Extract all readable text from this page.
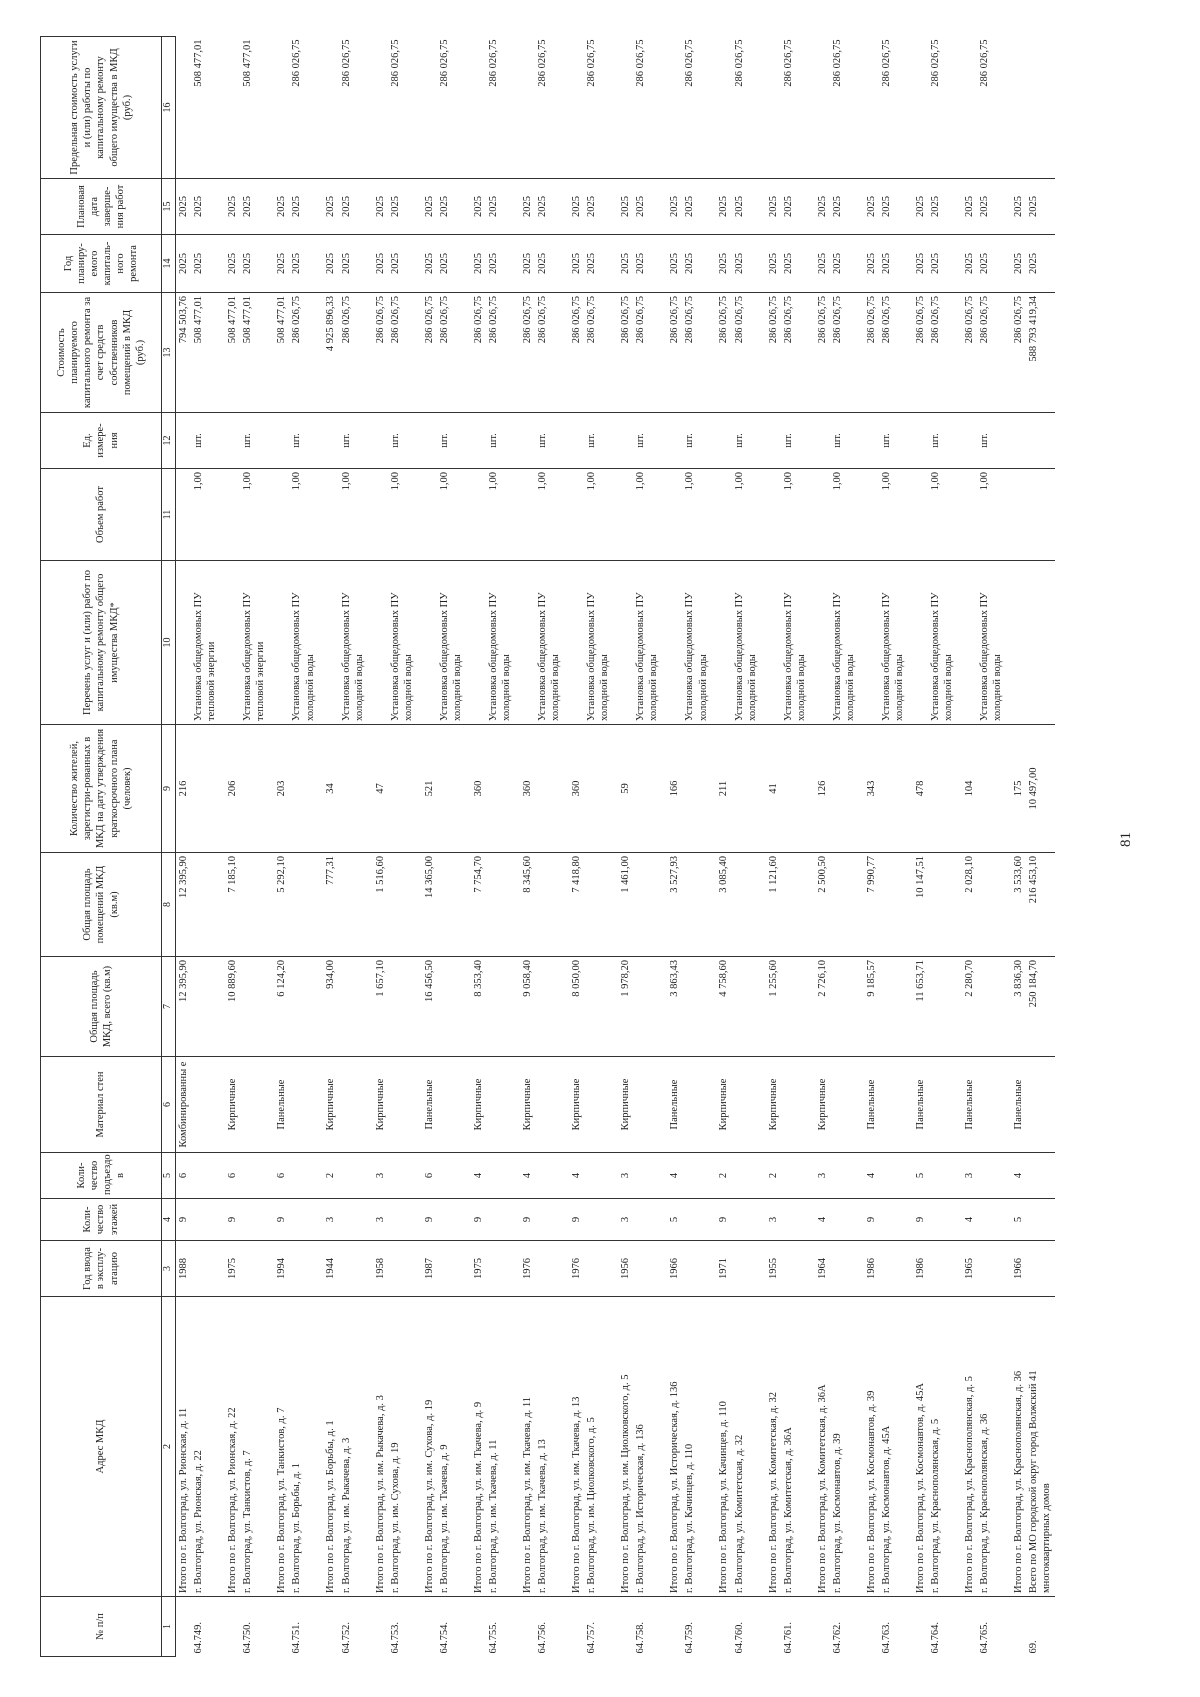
№ п/п	Адрес МКД	Год ввода в эксплу-атацию	Коли-чество этажей	Коли-чество подъездо в	Материал стен	Общая площадь МКД, всего (кв.м)	Общая площадь помещений МКД (кв.м)	Количество жителей, зарегистри-рованных в МКД на дату утверждения краткосрочного плана (человек)	Перечень услуг и (или) работ по капитальному ремонту общего имущества МКД*	Объем работ	Ед. измере-ния	Стоимость планируемого капитального ремонта за счет средств собственников помещений в МКД (руб.)	Год планиру-емого капиталь-ного ремонта	Плановая дата заверше-ния работ	Предельная стоимость услуги и (или) работы по капитальному ремонту общего имущества в МКД (руб.)
1	2	3	4	5	6	7	8	9	10	11	12	13	14	15	16
	Итого по г. Волгоград, ул. Рионская, д. 11	1988	9	6	Комбинированны е	12 395,90	12 395,90	216				794 503,76	2025	2025	
64.749.	г. Волгоград, ул. Рионская, д. 22								Установка общедомовых ПУ тепловой энергии	1,00	шт.	508 477,01	2025	2025	508 477,01
	Итого по г. Волгоград, ул. Рионская, д. 22	1975	9	6	Кирпичные	10 889,60	7 185,10	206				508 477,01	2025	2025	
64.750.	г. Волгоград, ул. Танкистов, д. 7								Установка общедомовых ПУ тепловой энергии	1,00	шт.	508 477,01	2025	2025	508 477,01
	Итого по г. Волгоград, ул. Танкистов, д. 7	1994	9	6	Панельные	6 124,20	5 292,10	203				508 477,01	2025	2025	
64.751.	г. Волгоград, ул. Борьбы, д. 1								Установка общедомовых ПУ холодной воды	1,00	шт.	286 026,75	2025	2025	286 026,75
	Итого по г. Волгоград, ул. Борьбы, д. 1	1944	3	2	Кирпичные	934,00	777,31	34				4 925 896,33	2025	2025	
64.752.	г. Волгоград, ул. им. Рыкачева, д. 3								Установка общедомовых ПУ холодной воды	1,00	шт.	286 026,75	2025	2025	286 026,75
	Итого по г. Волгоград, ул. им. Рыкачева, д. 3	1958	3	3	Кирпичные	1 657,10	1 516,60	47				286 026,75	2025	2025	
64.753.	г. Волгоград, ул. им. Сухова, д. 19								Установка общедомовых ПУ холодной воды	1,00	шт.	286 026,75	2025	2025	286 026,75
	Итого по г. Волгоград, ул. им. Сухова, д. 19	1987	9	6	Панельные	16 456,50	14 365,00	521				286 026,75	2025	2025	
64.754.	г. Волгоград, ул. им. Ткачева, д. 9								Установка общедомовых ПУ холодной воды	1,00	шт.	286 026,75	2025	2025	286 026,75
	Итого по г. Волгоград, ул. им. Ткачева, д. 9	1975	9	4	Кирпичные	8 353,40	7 754,70	360				286 026,75	2025	2025	
64.755.	г. Волгоград, ул. им. Ткачева, д. 11								Установка общедомовых ПУ холодной воды	1,00	шт.	286 026,75	2025	2025	286 026,75
	Итого по г. Волгоград, ул. им. Ткачева, д. 11	1976	9	4	Кирпичные	9 058,40	8 345,60	360				286 026,75	2025	2025	
64.756.	г. Волгоград, ул. им. Ткачева, д. 13								Установка общедомовых ПУ холодной воды	1,00	шт.	286 026,75	2025	2025	286 026,75
	Итого по г. Волгоград, ул. им. Ткачева, д. 13	1976	9	4	Кирпичные	8 050,00	7 418,80	360				286 026,75	2025	2025	
64.757.	г. Волгоград, ул. им. Циолковского, д. 5								Установка общедомовых ПУ холодной воды	1,00	шт.	286 026,75	2025	2025	286 026,75
	Итого по г. Волгоград, ул. им. Циолковского, д. 5	1956	3	3	Кирпичные	1 978,20	1 461,00	59				286 026,75	2025	2025	
64.758.	г. Волгоград, ул. Историческая, д. 136								Установка общедомовых ПУ холодной воды	1,00	шт.	286 026,75	2025	2025	286 026,75
	Итого по г. Волгоград, ул. Историческая, д. 136	1966	5	4	Панельные	3 863,43	3 527,93	166				286 026,75	2025	2025	
64.759.	г. Волгоград, ул. Качинцев, д. 110								Установка общедомовых ПУ холодной воды	1,00	шт.	286 026,75	2025	2025	286 026,75
	Итого по г. Волгоград, ул. Качинцев, д. 110	1971	9	2	Кирпичные	4 758,60	3 085,40	211				286 026,75	2025	2025	
64.760.	г. Волгоград, ул. Комитетская, д. 32								Установка общедомовых ПУ холодной воды	1,00	шт.	286 026,75	2025	2025	286 026,75
	Итого по г. Волгоград, ул. Комитетская, д. 32	1955	3	2	Кирпичные	1 255,60	1 121,60	41				286 026,75	2025	2025	
64.761.	г. Волгоград, ул. Комитетская, д. 36А								Установка общедомовых ПУ холодной воды	1,00	шт.	286 026,75	2025	2025	286 026,75
	Итого по г. Волгоград, ул. Комитетская, д. 36А	1964	4	3	Кирпичные	2 726,10	2 500,50	126				286 026,75	2025	2025	
64.762.	г. Волгоград, ул. Космонавтов, д. 39								Установка общедомовых ПУ холодной воды	1,00	шт.	286 026,75	2025	2025	286 026,75
	Итого по г. Волгоград, ул. Космонавтов, д. 39	1986	9	4	Панельные	9 185,57	7 990,77	343				286 026,75	2025	2025	
64.763.	г. Волгоград, ул. Космонавтов, д. 45А								Установка общедомовых ПУ холодной воды	1,00	шт.	286 026,75	2025	2025	286 026,75
	Итого по г. Волгоград, ул. Космонавтов, д. 45А	1986	9	5	Панельные	11 653,71	10 147,51	478				286 026,75	2025	2025	
64.764.	г. Волгоград, ул. Краснополянская, д. 5								Установка общедомовых ПУ холодной воды	1,00	шт.	286 026,75	2025	2025	286 026,75
	Итого по г. Волгоград, ул. Краснополянская, д. 5	1965	4	3	Панельные	2 280,70	2 028,10	104				286 026,75	2025	2025	
64.765.	г. Волгоград, ул. Краснополянская, д. 36								Установка общедомовых ПУ холодной воды	1,00	шт.	286 026,75	2025	2025	286 026,75
	Итого по г. Волгоград, ул. Краснополянская, д. 36	1966	5	4	Панельные	3 836,30	3 533,60	175				286 026,75	2025	2025	
69.	Всего по МО городской округ город Волжский 41 многоквартирных домов					250 184,70	216 453,10	10 497,00				588 793 419,34	2025	2025	
81
